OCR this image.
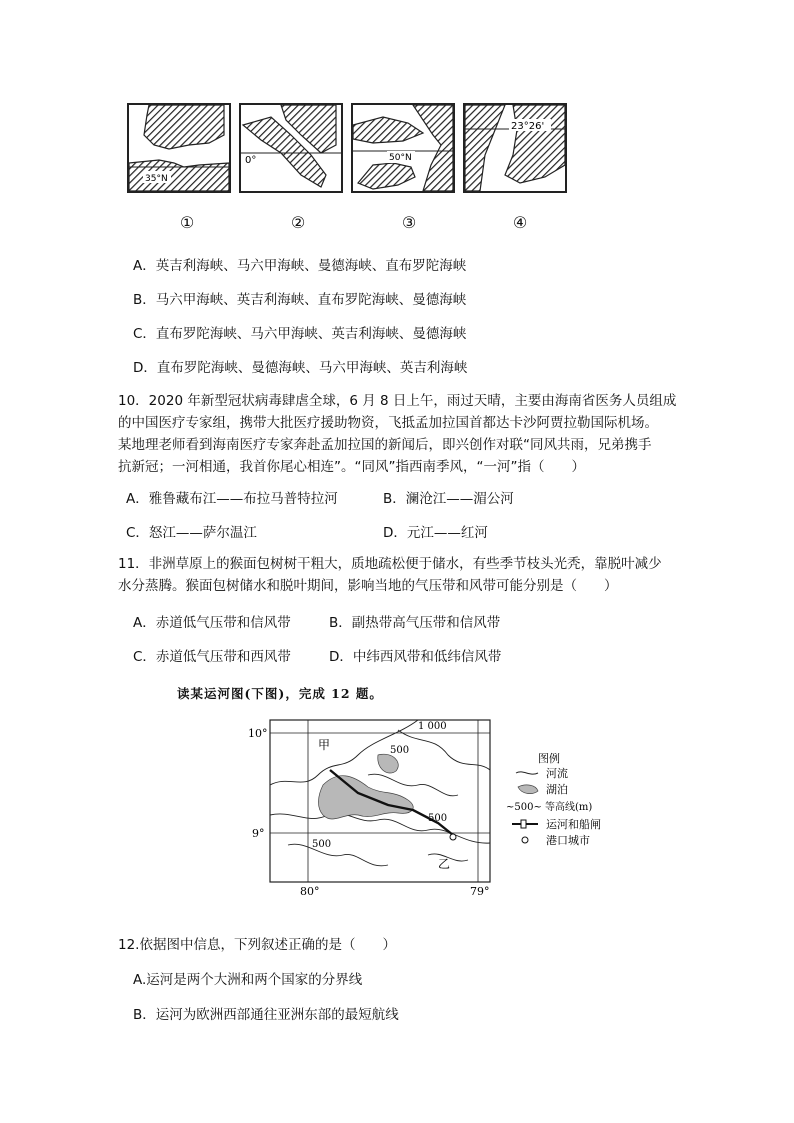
35°N
0°	50°N
23°26'
①	②	③	④
A．英吉利海峡、马六甲海峡、曼德海峡、直布罗陀海峡
B．马六甲海峡、英吉利海峡、直布罗陀海峡、曼德海峡
C．直布罗陀海峡、马六甲海峡、英吉利海峡、曼德海峡
D．直布罗陀海峡、曼德海峡、马六甲海峡、英吉利海峡
10．2020 年新型冠状病毒肆虐全球，6 月 8 日上午，雨过天晴，主要由海南省医务人员组成
的中国医疗专家组，携带大批医疗援助物资，飞抵孟加拉国首都达卡沙阿贾拉勒国际机场。
某地理老师看到海南医疗专家奔赴孟加拉国的新闻后，即兴创作对联“同风共雨，兄弟携手
抗新冠；一河相通，我首你尾心相连”。“同风”指西南季风，“一河”指（　　）
A．雅鲁藏布江——布拉马普特拉河	B．澜沧江——湄公河
C．怒江——萨尔温江	D．元江——红河
11．非洲草原上的猴面包树树干粗大，质地疏松便于储水，有些季节枝头光秃，靠脱叶减少
水分蒸腾。猴面包树储水和脱叶期间，影响当地的气压带和风带可能分别是（　　）
A．赤道低气压带和信风带	B．副热带高气压带和信风带
C．赤道低气压带和西风带	D．中纬西风带和低纬信风带
读某运河图(下图)，完成 12 题。
10°
9°
80°	79°
甲
乙
1 000
500
500
500
图例
河流
湖泊
~500~ 等高线(m)
运河和船闸
港口城市
12.依据图中信息，下列叙述正确的是（　　）
A.运河是两个大洲和两个国家的分界线
B．运河为欧洲西部通往亚洲东部的最短航线
